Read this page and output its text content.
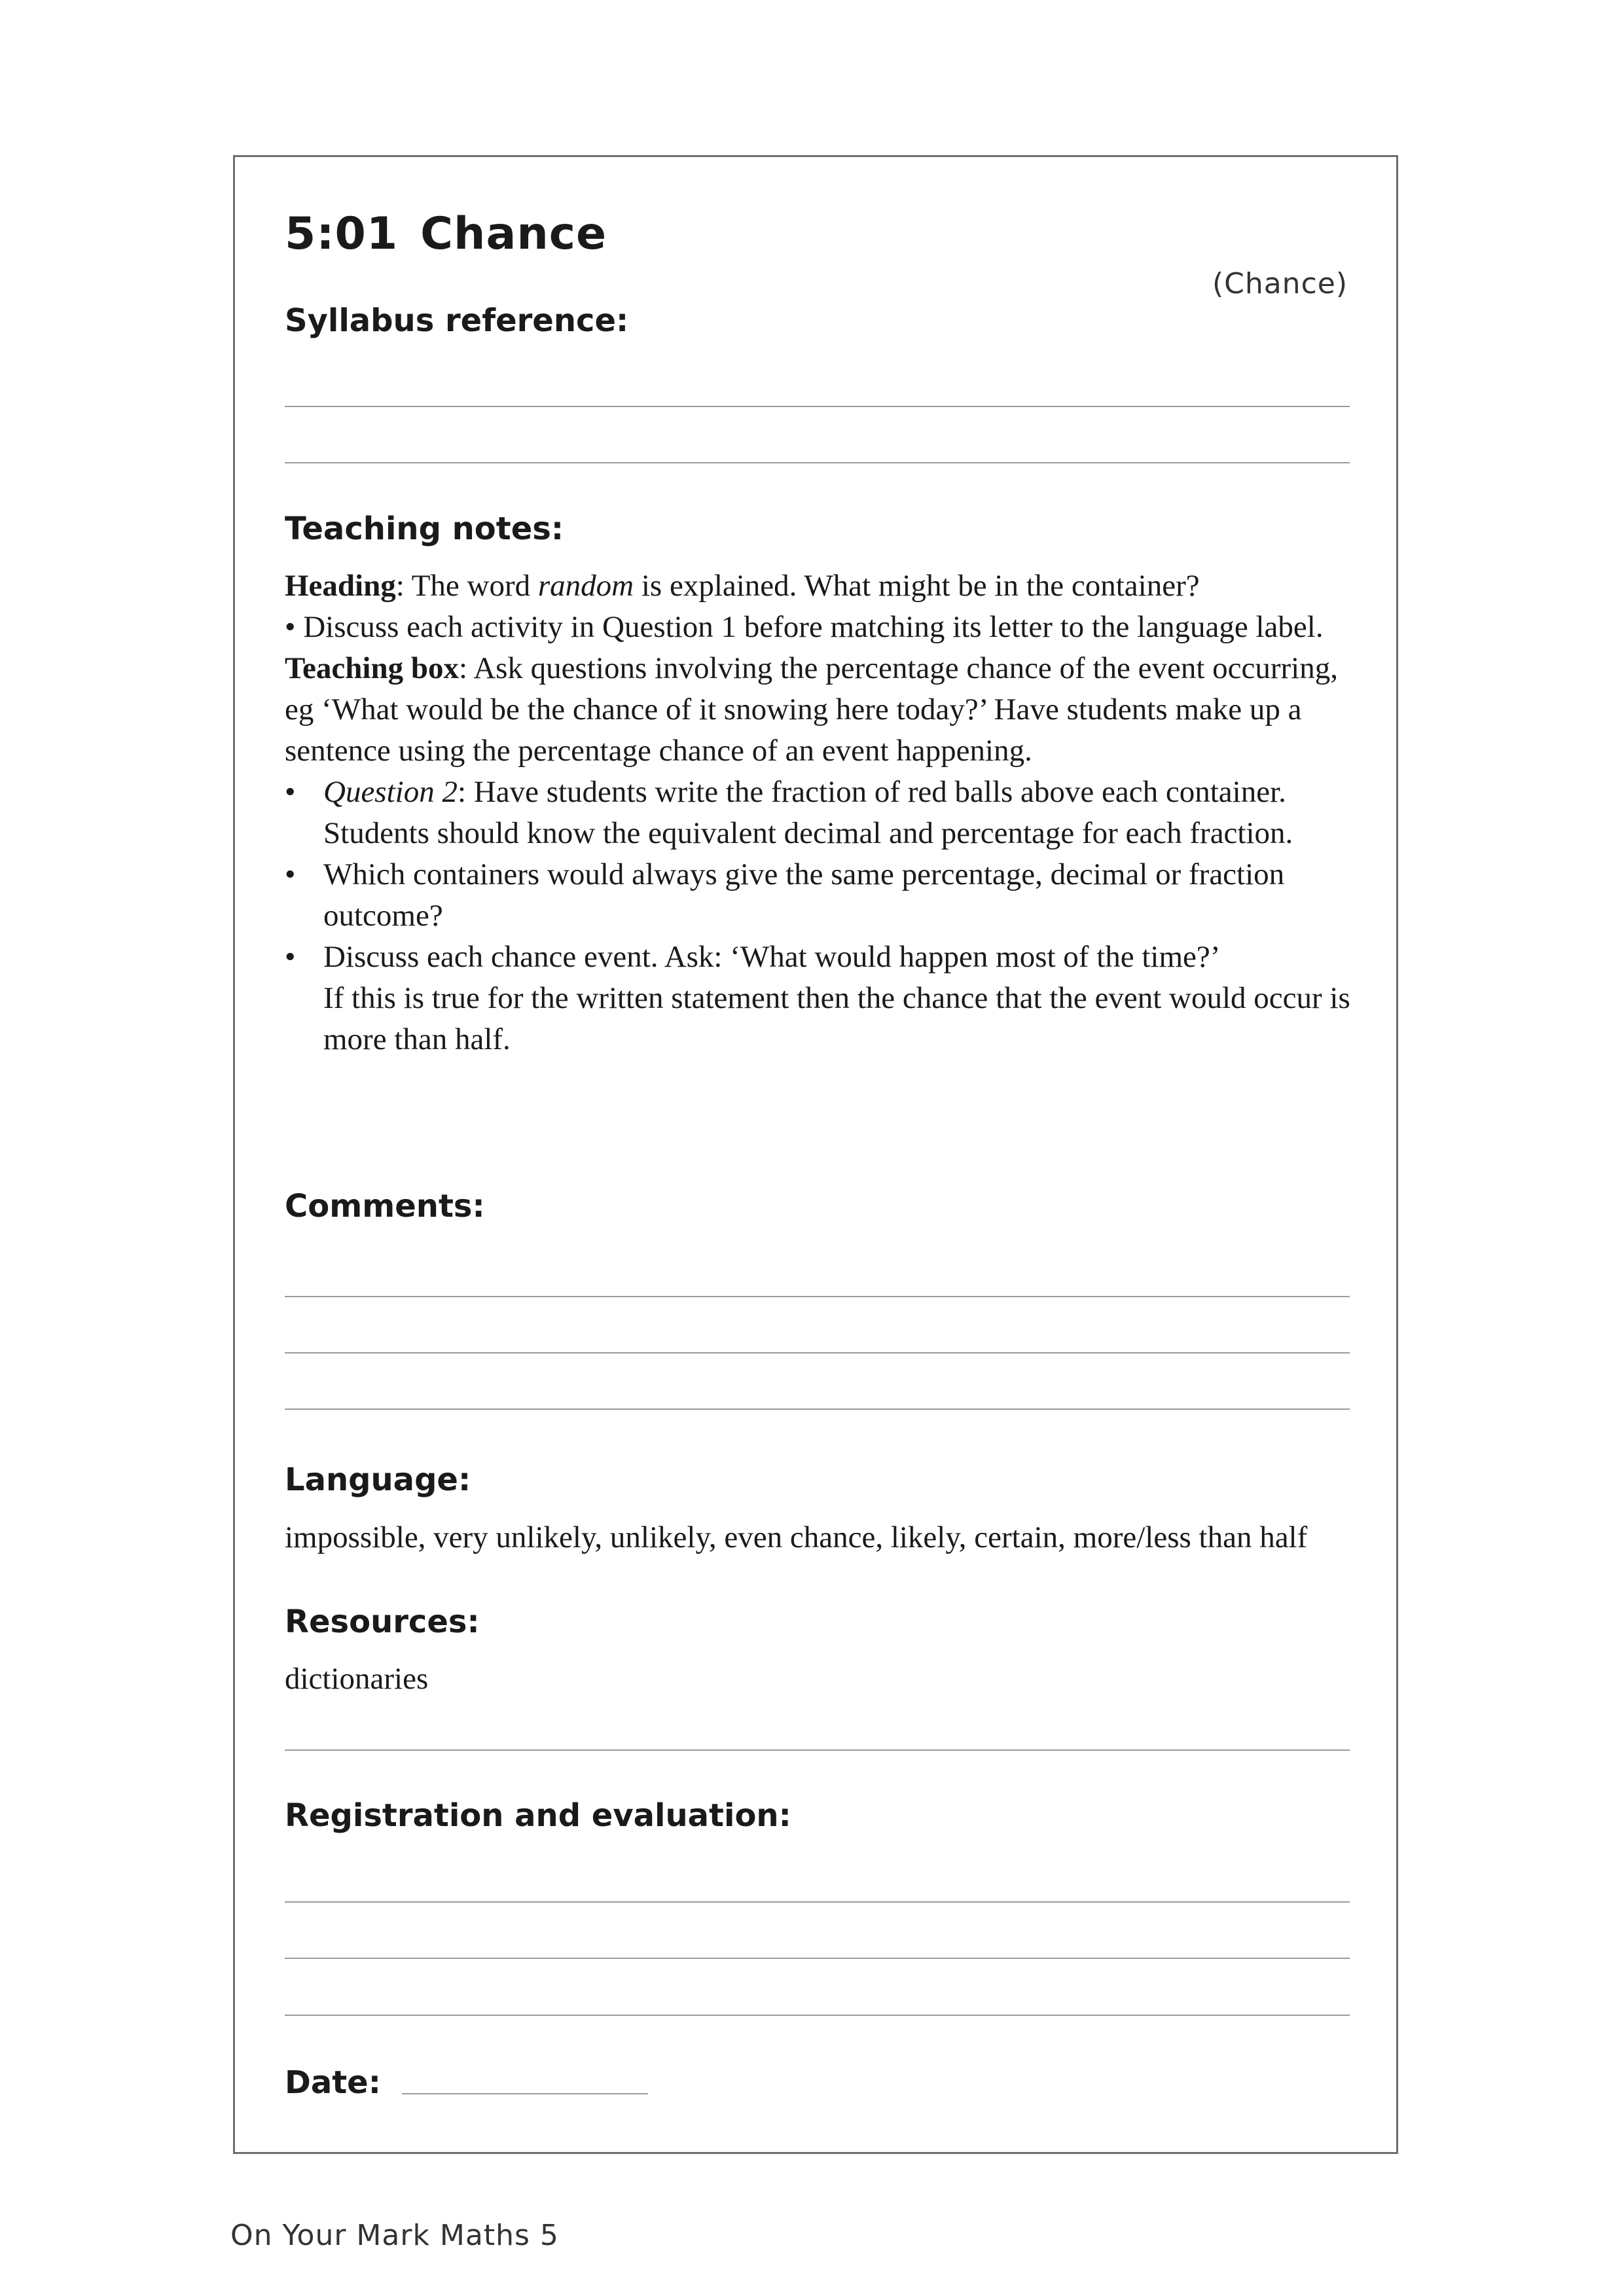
5:01 Chance
(Chance)
Syllabus reference:
Teaching notes:

Heading: The word random is explained. What might be in the container?

• Discuss each activity in Question 1 before matching its letter to the language label.

Teaching box: Ask questions involving the percentage chance of the event occurring, eg ‘What would be the chance of it snowing here today?’ Have students make up a sentence using the percentage chance of an event happening.

• Question 2: Have students write the fraction of red balls above each container. Students should know the equivalent decimal and percentage for each fraction.
• Which containers would always give the same percentage, decimal or fraction outcome?
• Discuss each chance event. Ask: ‘What would happen most of the time?’
If this is true for the written statement then the chance that the event would occur is more than half.
Comments:
Language:
impossible, very unlikely, unlikely, even chance, likely, certain, more/less than half
Resources:
dictionaries
Registration and evaluation:
Date:
On Your Mark Maths 5
